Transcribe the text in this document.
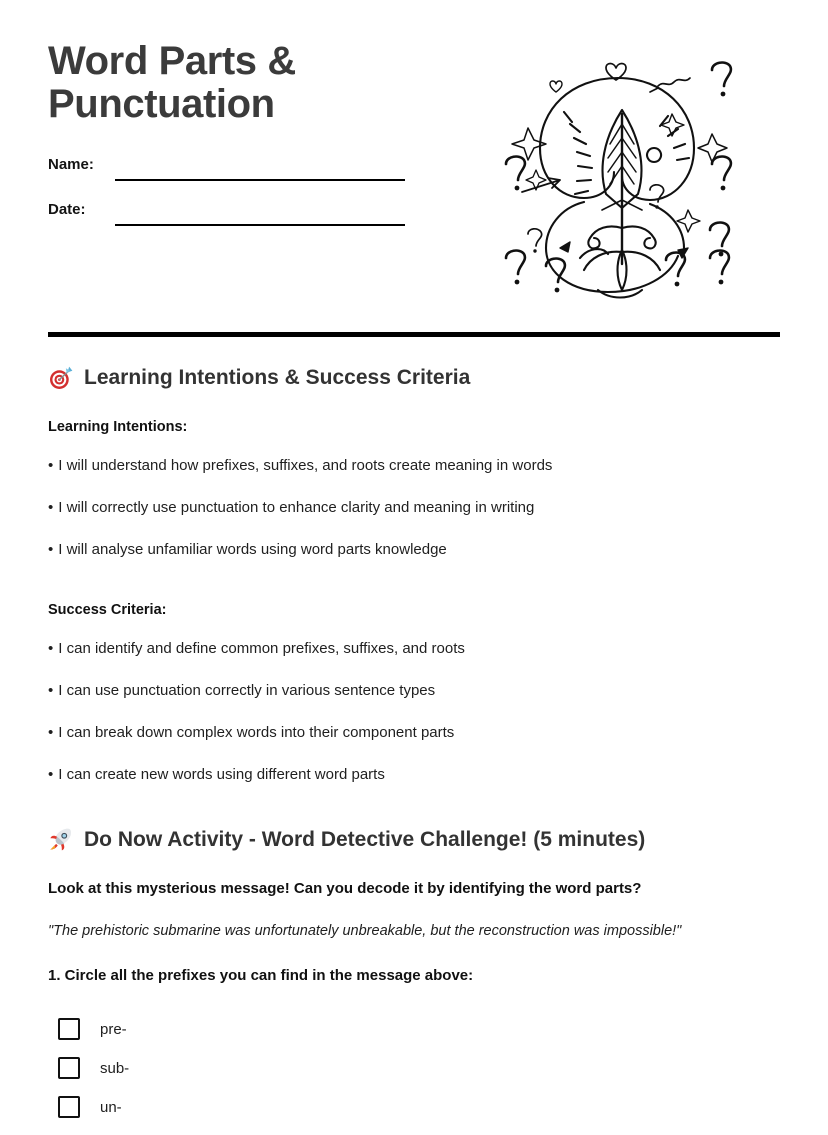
Word Parts & Punctuation
Name:
Date:
Learning Intentions & Success Criteria

Learning Intentions:

• I will understand how prefixes, suffixes, and roots create meaning in words

• I will correctly use punctuation to enhance clarity and meaning in writing

• I will analyse unfamiliar words using word parts knowledge

Success Criteria:

• I can identify and define common prefixes, suffixes, and roots

• I can use punctuation correctly in various sentence types

• I can break down complex words into their component parts

• I can create new words using different word parts

Do Now Activity - Word Detective Challenge! (5 minutes)

Look at this mysterious message! Can you decode it by identifying the word parts?

"The prehistoric submarine was unfortunately unbreakable, but the reconstruction was impossible!"

1. Circle all the prefixes you can find in the message above:

pre-
sub-
un-
